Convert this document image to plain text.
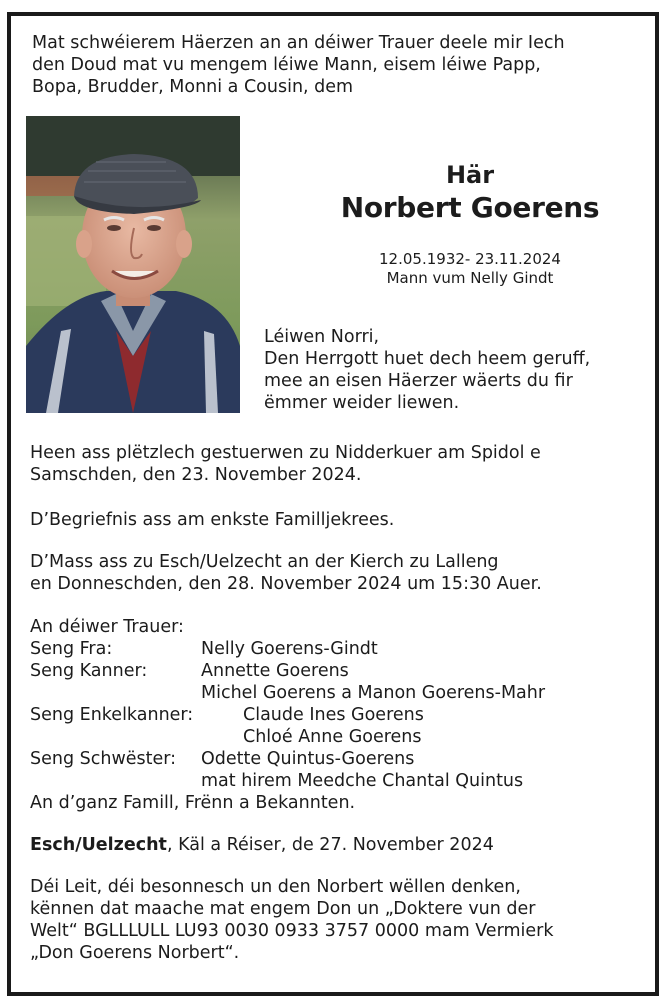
Mat schwéierem Häerzen an an déiwer Trauer deele mir Iech
den Doud mat vu mengem léiwe Mann, eisem léiwe Papp,
Bopa, Brudder, Monni a Cousin, dem
Här
Norbert Goerens
12.05.1932- 23.11.2024
Mann vum Nelly Gindt
Léiwen Norri,
Den Herrgott huet dech heem geruff,
mee an eisen Häerzer wäerts du fir
ëmmer weider liewen.
Heen ass plëtzlech gestuerwen zu Nidderkuer am Spidol e
Samschden, den 23. November 2024.
D’Begriefnis ass am enkste Familljekrees.
D’Mass ass zu Esch/Uelzecht an der Kierch zu Lalleng
en Donneschden, den 28. November 2024 um 15:30 Auer.
An déiwer Trauer:
Seng Fra:	Nelly Goerens-Gindt
Seng Kanner:	Annette Goerens
Michel Goerens a Manon Goerens-Mahr
Seng Enkelkanner:	Claude Ines Goerens
Chloé Anne Goerens
Seng Schwëster: Odette Quintus-Goerens
mat hirem Meedche Chantal Quintus
An d’ganz Famill, Frënn a Bekannten.
Esch/Uelzecht, Käl a Réiser, de 27. November 2024
Déi Leit, déi besonnesch un den Norbert wëllen denken,
kënnen dat maache mat engem Don un „Doktere vun der
Welt“ BGLLLULL LU93 0030 0933 3757 0000 mam Vermierk
„Don Goerens Norbert“.
